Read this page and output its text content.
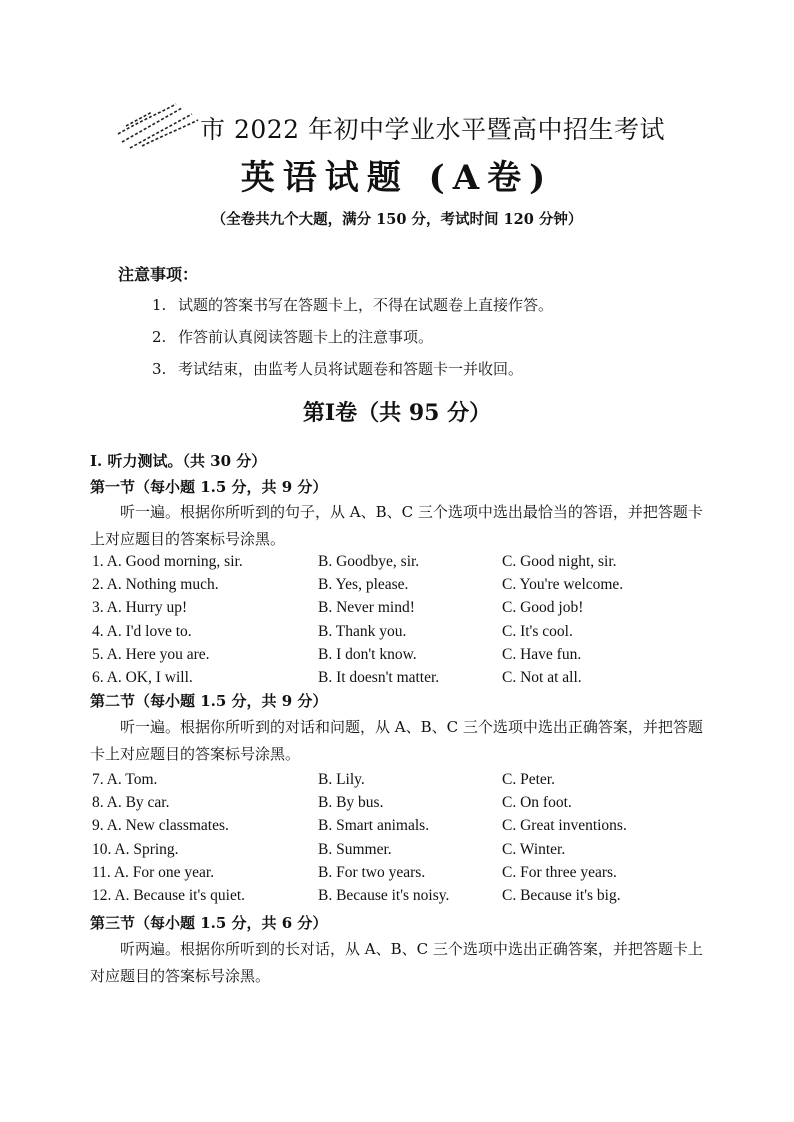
市 2022 年初中学业水平暨高中招生考试
英语试题 (A卷)
（全卷共九个大题，满分 150 分，考试时间 120 分钟）
注意事项：
1. 试题的答案书写在答题卡上，不得在试题卷上直接作答。
2. 作答前认真阅读答题卡上的注意事项。
3. 考试结束，由监考人员将试题卷和答题卡一并收回。
第Ⅰ卷（共 95 分）
I. 听力测试。（共 30 分）
第一节（每小题 1.5 分，共 9 分）
听一遍。根据你所听到的句子，从 A、B、C 三个选项中选出最恰当的答语，并把答题卡上对应题目的答案标号涂黑。
1. A. Good morning, sir.	B. Goodbye, sir.	C. Good night, sir.
2. A. Nothing much.	B. Yes, please.	C. You're welcome.
3. A. Hurry up!	B. Never mind!	C. Good job!
4. A. I'd love to.	B. Thank you.	C. It's cool.
5. A. Here you are.	B. I don't know.	C. Have fun.
6. A. OK, I will.	B. It doesn't matter.	C. Not at all.
第二节（每小题 1.5 分，共 9 分）
听一遍。根据你所听到的对话和问题，从 A、B、C 三个选项中选出正确答案，并把答题卡上对应题目的答案标号涂黑。
7. A. Tom.	B. Lily.	C. Peter.
8. A. By car.	B. By bus.	C. On foot.
9. A. New classmates.	B. Smart animals.	C. Great inventions.
10. A. Spring.	B. Summer.	C. Winter.
11. A. For one year.	B. For two years.	C. For three years.
12. A. Because it's quiet.	B. Because it's noisy.	C. Because it's big.
第三节（每小题 1.5 分，共 6 分）
听两遍。根据你所听到的长对话，从 A、B、C 三个选项中选出正确答案，并把答题卡上对应题目的答案标号涂黑。
